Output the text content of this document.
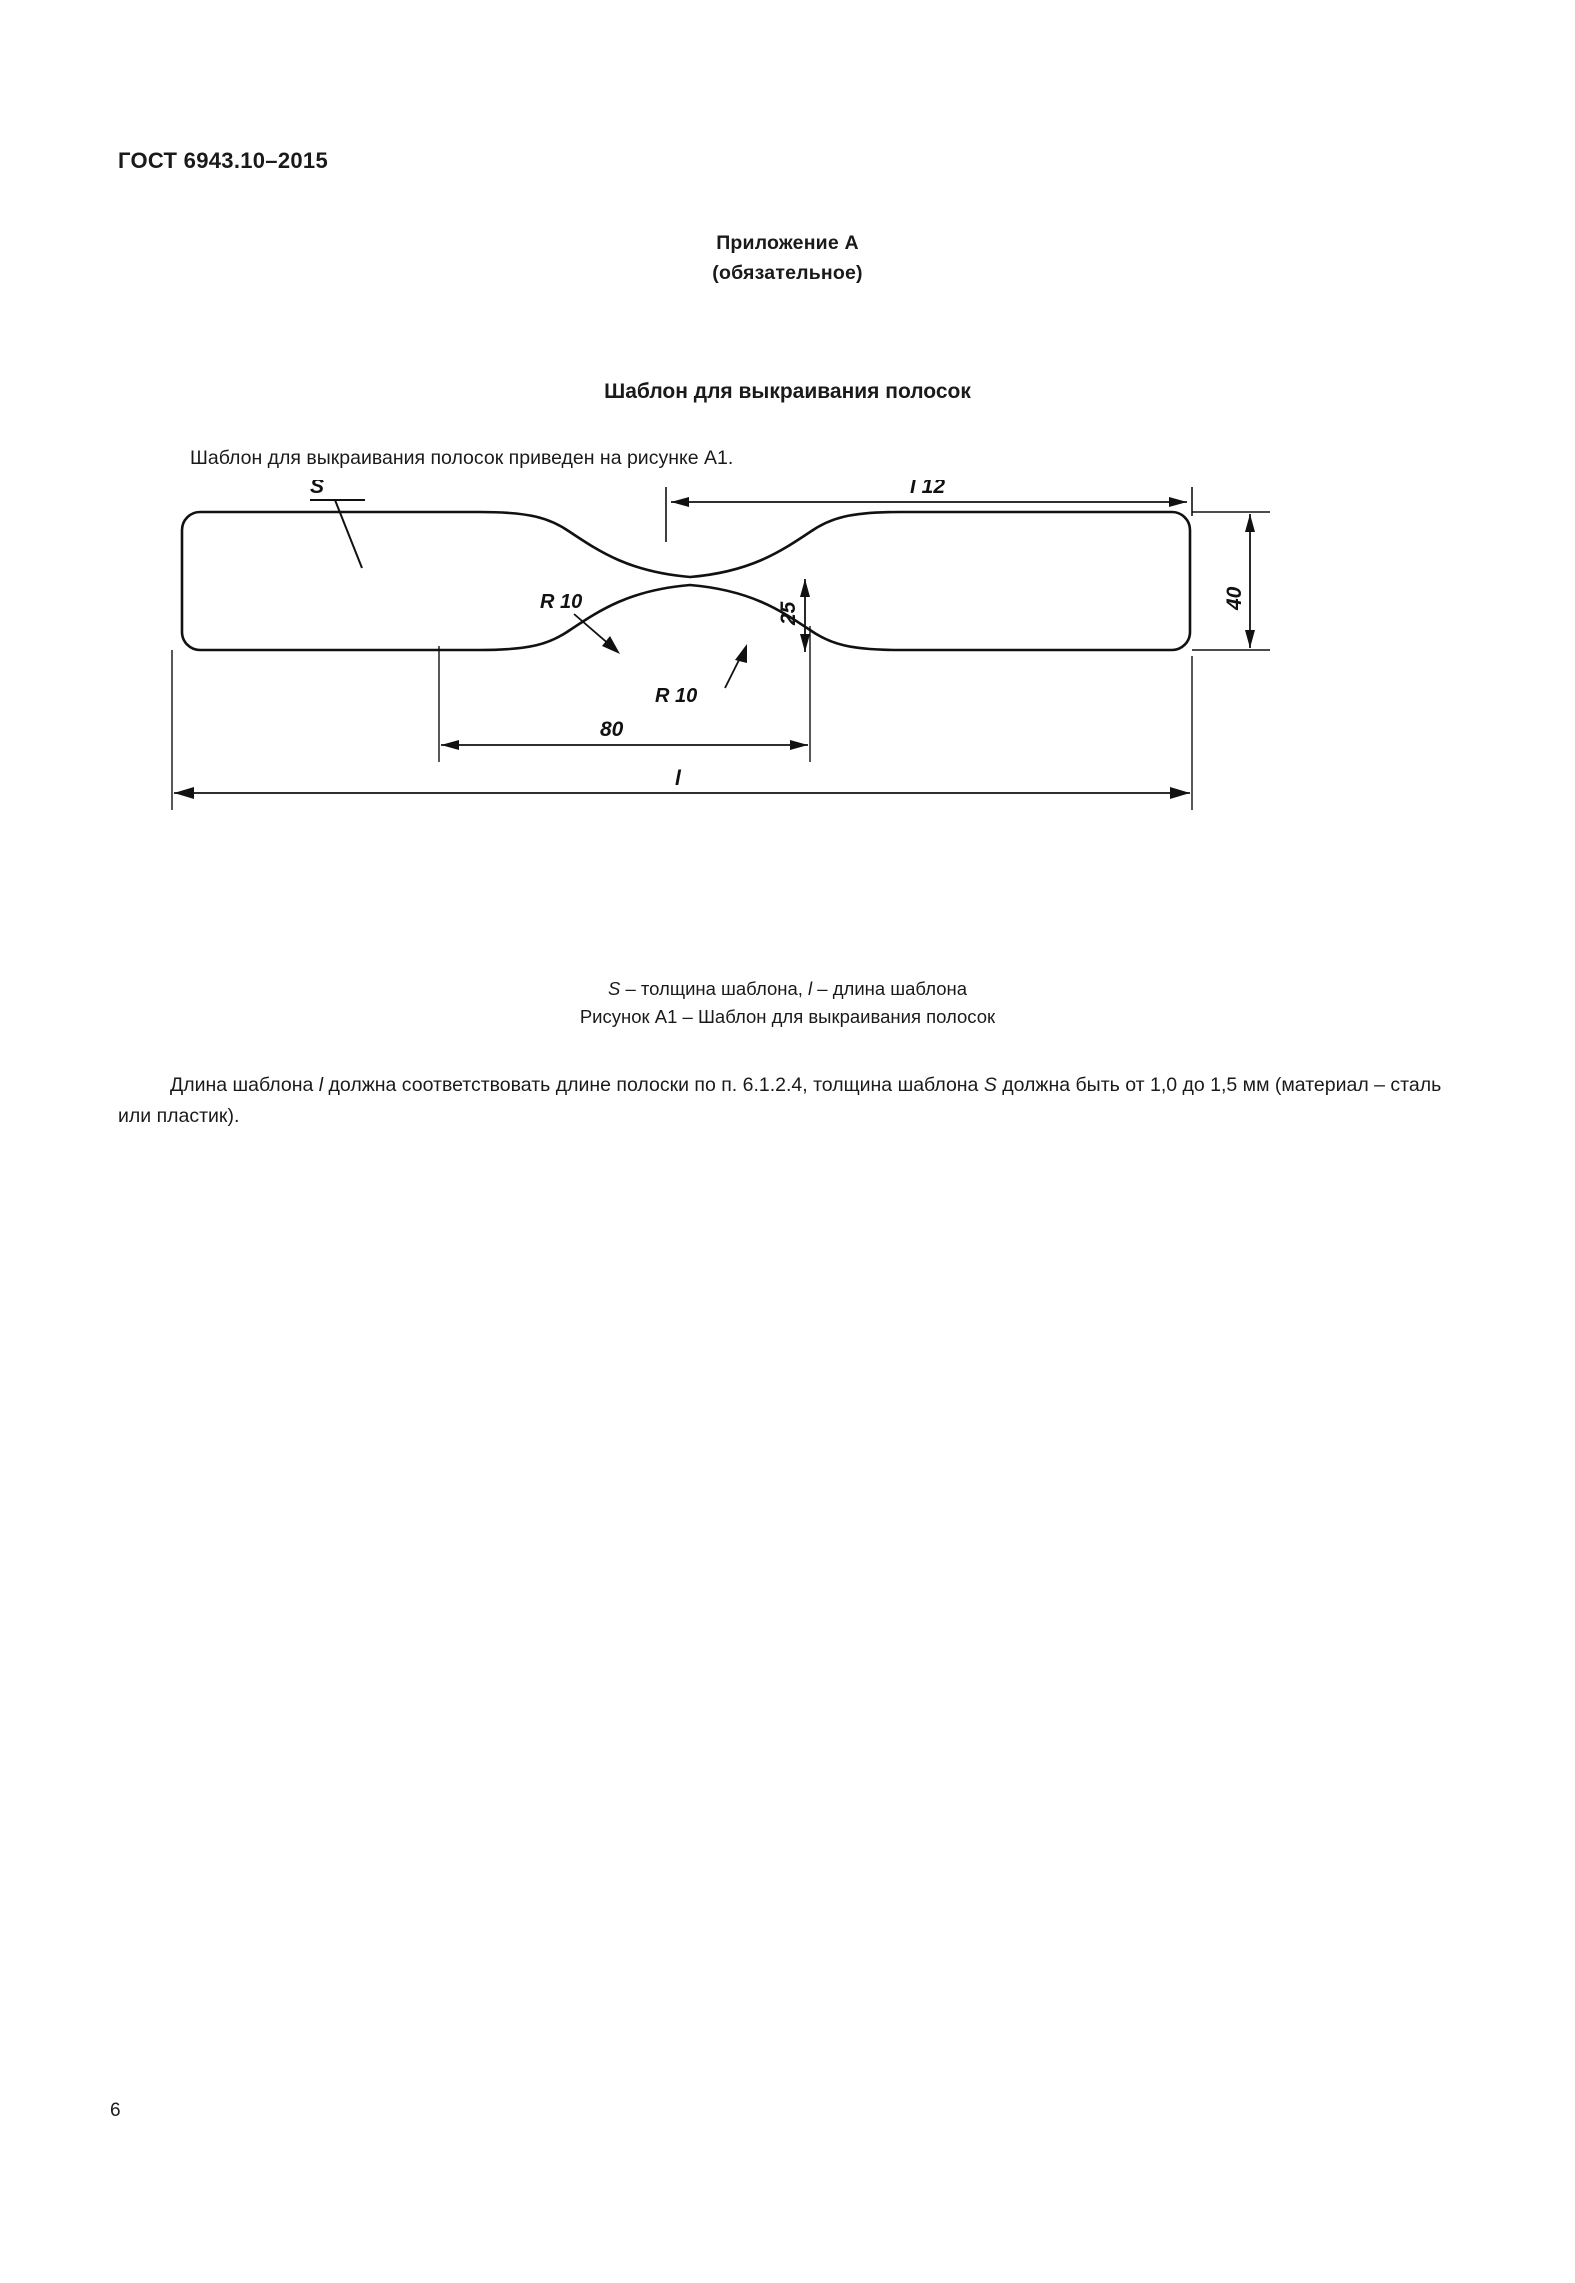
ГОСТ 6943.10–2015
Приложение А
(обязательное)
Шаблон для выкраивания полосок
Шаблон для выкраивания полосок приведен на рисунке А1.
S	l 12
R 10
R 10
25
40
80
l
S – толщина шаблона, l – длина шаблона
Рисунок А1 – Шаблон для выкраивания полосок
Длина шаблона l должна соответствовать длине полоски по п. 6.1.2.4, толщина шаблона S должна быть от 1,0 до 1,5 мм (материал – сталь или пластик).
6
